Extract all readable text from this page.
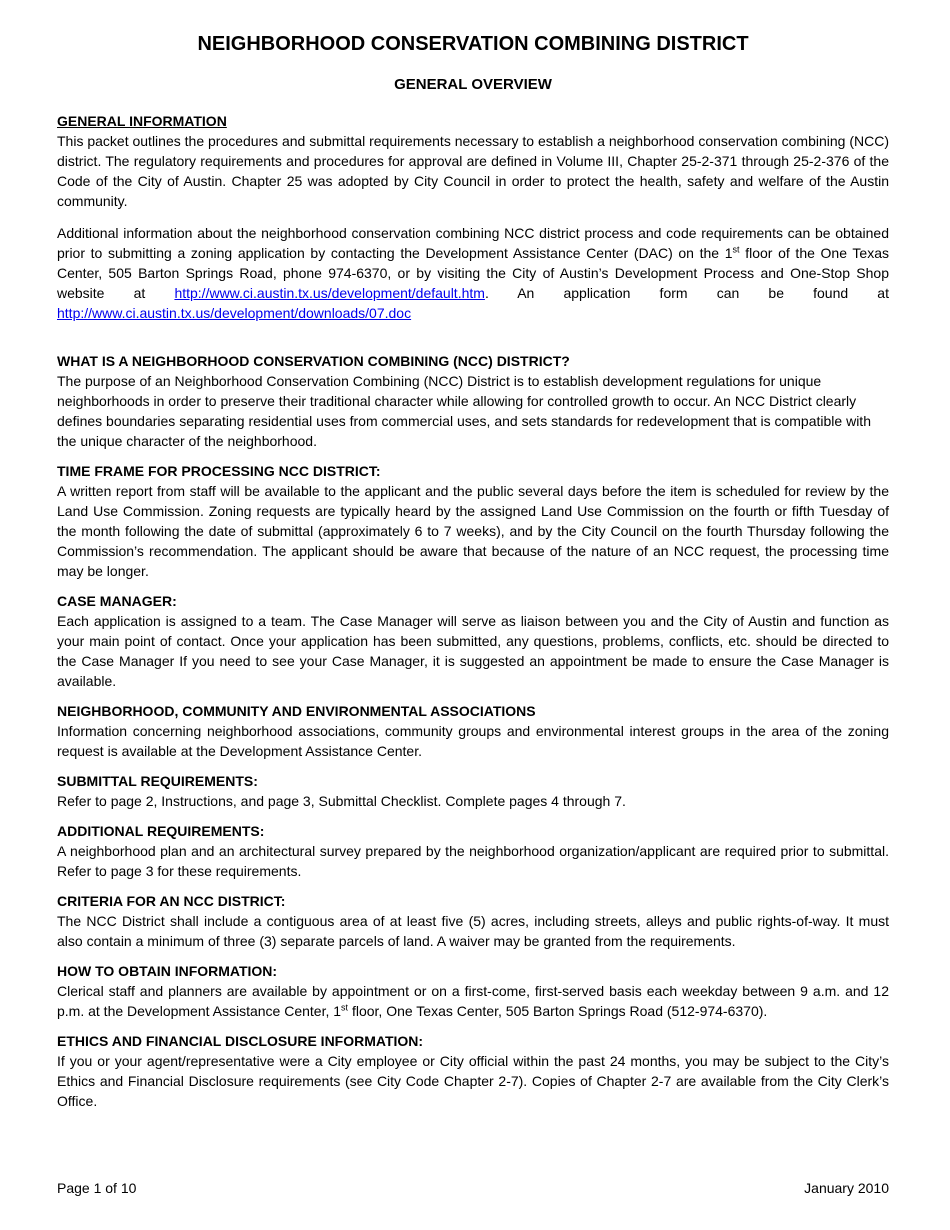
NEIGHBORHOOD CONSERVATION COMBINING DISTRICT
GENERAL OVERVIEW
GENERAL INFORMATION

This packet outlines the procedures and submittal requirements necessary to establish a neighborhood conservation combining (NCC) district. The regulatory requirements and procedures for approval are defined in Volume III, Chapter 25-2-371 through 25-2-376 of the Code of the City of Austin. Chapter 25 was adopted by City Council in order to protect the health, safety and welfare of the Austin community.

Additional information about the neighborhood conservation combining NCC district process and code requirements can be obtained prior to submitting a zoning application by contacting the Development Assistance Center (DAC) on the 1st floor of the One Texas Center, 505 Barton Springs Road, phone 974-6370, or by visiting the City of Austin’s Development Process and One-Stop Shop website at http://www.ci.austin.tx.us/development/default.htm. An application form can be found at http://www.ci.austin.tx.us/development/downloads/07.doc

WHAT IS A NEIGHBORHOOD CONSERVATION COMBINING (NCC) DISTRICT?

The purpose of an Neighborhood Conservation Combining (NCC) District is to establish development regulations for unique neighborhoods in order to preserve their traditional character while allowing for controlled growth to occur. An NCC District clearly defines boundaries separating residential uses from commercial uses, and sets standards for redevelopment that is compatible with the unique character of the neighborhood.

TIME FRAME FOR PROCESSING NCC DISTRICT:

A written report from staff will be available to the applicant and the public several days before the item is scheduled for review by the Land Use Commission. Zoning requests are typically heard by the assigned Land Use Commission on the fourth or fifth Tuesday of the month following the date of submittal (approximately 6 to 7 weeks), and by the City Council on the fourth Thursday following the Commission’s recommendation. The applicant should be aware that because of the nature of an NCC request, the processing time may be longer.

CASE MANAGER:

Each application is assigned to a team. The Case Manager will serve as liaison between you and the City of Austin and function as your main point of contact. Once your application has been submitted, any questions, problems, conflicts, etc. should be directed to the Case Manager If you need to see your Case Manager, it is suggested an appointment be made to ensure the Case Manager is available.

NEIGHBORHOOD, COMMUNITY AND ENVIRONMENTAL ASSOCIATIONS

Information concerning neighborhood associations, community groups and environmental interest groups in the area of the zoning request is available at the Development Assistance Center.

SUBMITTAL REQUIREMENTS:

Refer to page 2, Instructions, and page 3, Submittal Checklist. Complete pages 4 through 7.

ADDITIONAL REQUIREMENTS:

A neighborhood plan and an architectural survey prepared by the neighborhood organization/applicant are required prior to submittal. Refer to page 3 for these requirements.

CRITERIA FOR AN NCC DISTRICT:

The NCC District shall include a contiguous area of at least five (5) acres, including streets, alleys and public rights-of-way. It must also contain a minimum of three (3) separate parcels of land. A waiver may be granted from the requirements.

HOW TO OBTAIN INFORMATION:

Clerical staff and planners are available by appointment or on a first-come, first-served basis each weekday between 9 a.m. and 12 p.m. at the Development Assistance Center, 1st floor, One Texas Center, 505 Barton Springs Road (512-974-6370).

ETHICS AND FINANCIAL DISCLOSURE INFORMATION:

If you or your agent/representative were a City employee or City official within the past 24 months, you may be subject to the City’s Ethics and Financial Disclosure requirements (see City Code Chapter 2-7). Copies of Chapter 2-7 are available from the City Clerk’s Office.

Page 1 of 10	January 2010
